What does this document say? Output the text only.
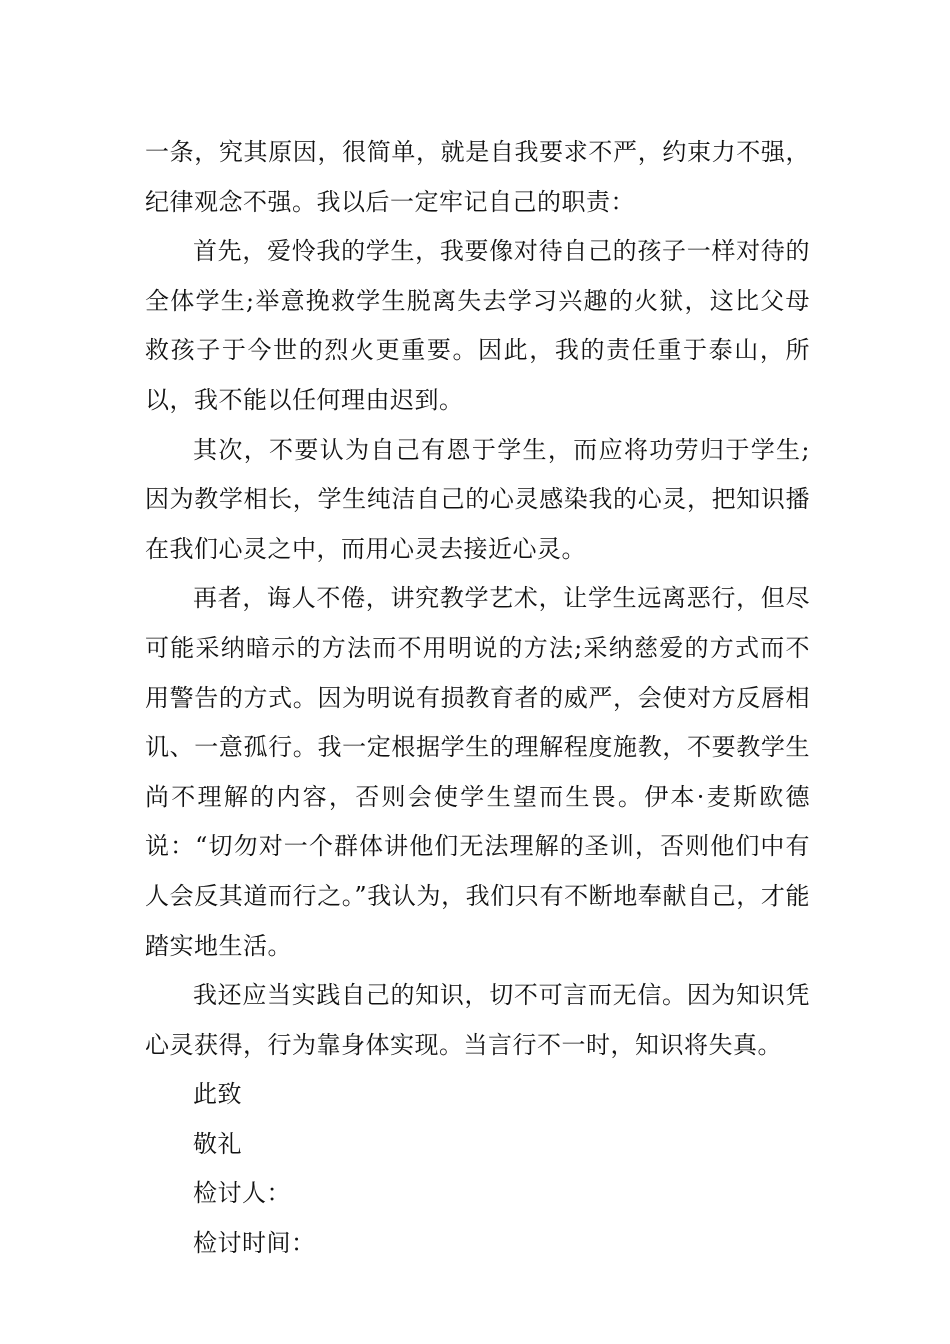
一条，究其原因，很简单，就是自我要求不严，约束力不强，纪律观念不强。我以后一定牢记自己的职责：

首先，爱怜我的学生，我要像对待自己的孩子一样对待的全体学生;举意挽救学生脱离失去学习兴趣的火狱，这比父母救孩子于今世的烈火更重要。因此，我的责任重于泰山，所以，我不能以任何理由迟到。

其次，不要认为自己有恩于学生，而应将功劳归于学生;因为教学相长，学生纯洁自己的心灵感染我的心灵，把知识播在我们心灵之中，而用心灵去接近心灵。

再者，诲人不倦，讲究教学艺术，让学生远离恶行，但尽可能采纳暗示的方法而不用明说的方法;采纳慈爱的方式而不用警告的方式。因为明说有损教育者的威严，会使对方反唇相讥、一意孤行。我一定根据学生的理解程度施教，不要教学生尚不理解的内容，否则会使学生望而生畏。伊本·麦斯欧德说：“切勿对一个群体讲他们无法理解的圣训，否则他们中有人会反其道而行之。”我认为，我们只有不断地奉献自己，才能踏实地生活。

我还应当实践自己的知识，切不可言而无信。因为知识凭心灵获得，行为靠身体实现。当言行不一时，知识将失真。

此致

敬礼

检讨人：

检讨时间：
